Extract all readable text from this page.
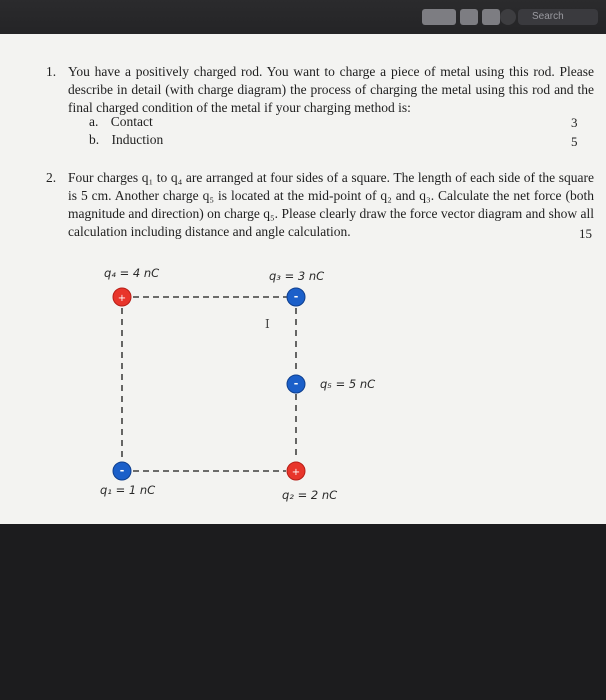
Search
1. You have a positively charged rod. You want to charge a piece of metal using this rod. Please describe in detail (with charge diagram) the process of charging the metal using this rod and the final charged condition of the metal if your charging method is:
a. Contact	3
b. Induction	5
2. Four charges q₁ to q₄ are arranged at four sides of a square. The length of each side of the square is 5 cm. Another charge q₅ is located at the mid-point of q₂ and q₃. Calculate the net force (both magnitude and direction) on charge q₅. Please clearly draw the force vector diagram and show all calculation including distance and angle calculation.	15
+	-
-
-	+
q₄ = 4 nC	q₃ = 3 nC
q₅ = 5 nC
q₁ = 1 nC	q₂ = 2 nC
I
